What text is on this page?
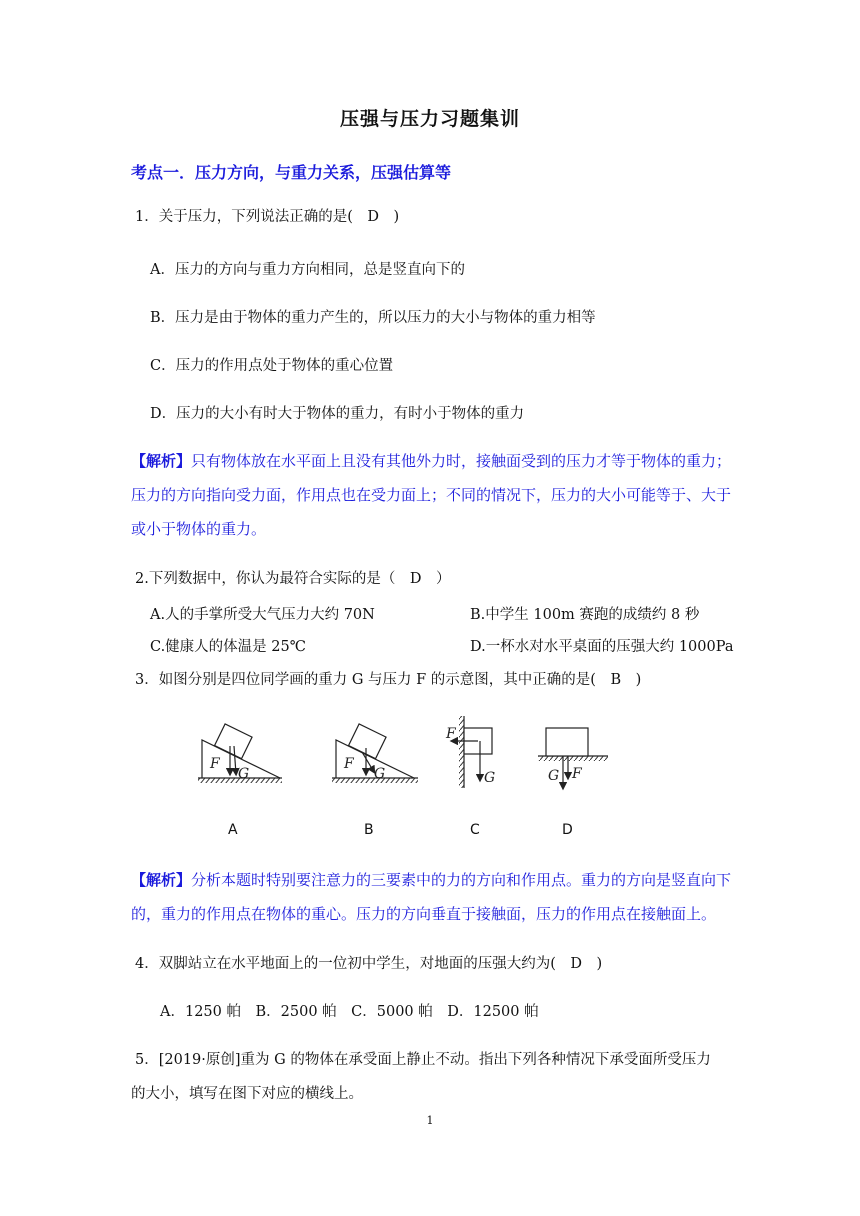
压强与压力习题集训
考点一．压力方向，与重力关系，压强估算等
1．关于压力，下列说法正确的是(　D　)
A．压力的方向与重力方向相同，总是竖直向下的
B．压力是由于物体的重力产生的，所以压力的大小与物体的重力相等
C．压力的作用点处于物体的重心位置
D．压力的大小有时大于物体的重力，有时小于物体的重力
【解析】只有物体放在水平面上且没有其他外力时，接触面受到的压力才等于物体的重力；
压力的方向指向受力面，作用点也在受力面上；不同的情况下，压力的大小可能等于、大于
或小于物体的重力。
2.下列数据中，你认为最符合实际的是（　D　）
A.人的手掌所受大气压力大约 70N	B.中学生 100m 赛跑的成绩约 8 秒
C.健康人的体温是 25℃	D.一杯水对水平桌面的压强大约 1000Pa
3．如图分别是四位同学画的重力 G 与压力 F 的示意图，其中正确的是(　B　)
F
G
F
G
F
G	G F
A	B	C	D
【解析】分析本题时特别要注意力的三要素中的力的方向和作用点。重力的方向是竖直向下
的，重力的作用点在物体的重心。压力的方向垂直于接触面，压力的作用点在接触面上。
4．双脚站立在水平地面上的一位初中学生，对地面的压强大约为(　D　)
A．1250 帕　B．2500 帕　C．5000 帕　D．12500 帕
5．[2019·原创]重为 G 的物体在承受面上静止不动。指出下列各种情况下承受面所受压力
的大小，填写在图下对应的横线上。
1
